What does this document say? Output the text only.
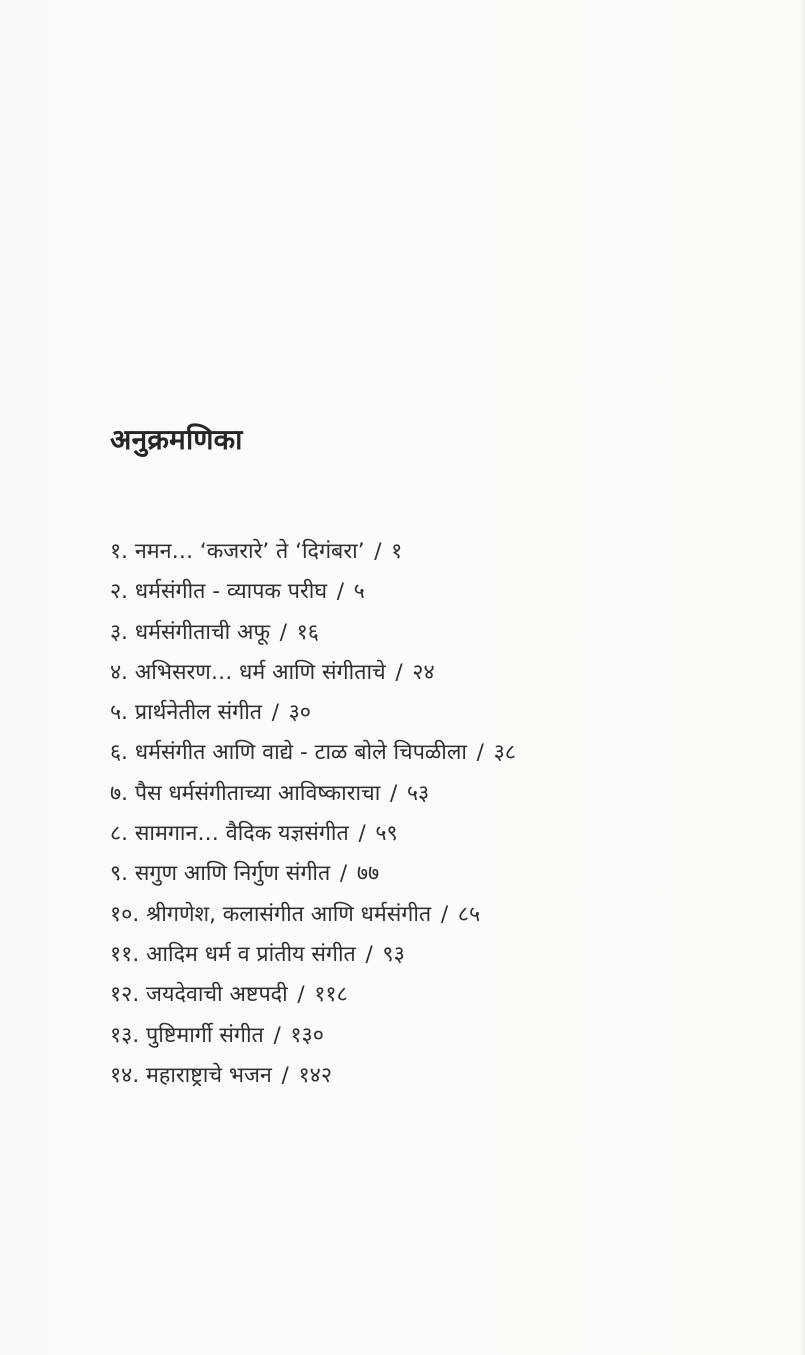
अनुक्रमणिका
१. नमन… ‘कजरारे’ ते ‘दिगंबरा’ / १
२. धर्मसंगीत - व्यापक परीघ / ५
३. धर्मसंगीताची अफू / १६
४. अभिसरण… धर्म आणि संगीताचे / २४
५. प्रार्थनेतील संगीत / ३०
६. धर्मसंगीत आणि वाद्ये - टाळ बोले चिपळीला / ३८
७. पैस धर्मसंगीताच्या आविष्काराचा / ५३
८. सामगान… वैदिक यज्ञसंगीत / ५९
९. सगुण आणि निर्गुण संगीत / ७७
१०. श्रीगणेश, कलासंगीत आणि धर्मसंगीत / ८५
११. आदिम धर्म व प्रांतीय संगीत / ९३
१२. जयदेवाची अष्टपदी / ११८
१३. पुष्टिमार्गी संगीत / १३०
१४. महाराष्ट्राचे भजन / १४२
